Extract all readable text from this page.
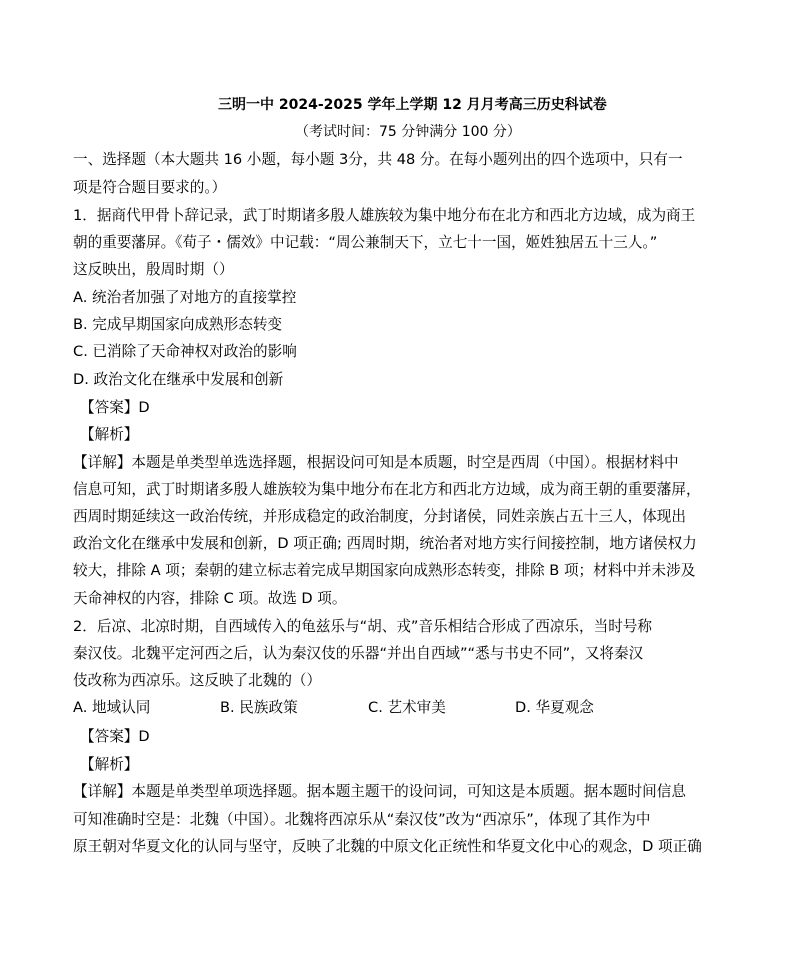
三明一中 2024-2025 学年上学期 12 月月考高三历史科试卷
（考试时间：75 分钟满分 100 分）
一、选择题（本大题共 16 小题，每小题 3分，共 48 分。在每小题列出的四个选项中，只有一
项是符合题目要求的。）
1．据商代甲骨卜辞记录，武丁时期诸多殷人雄族较为集中地分布在北方和西北方边域，成为商王
朝的重要藩屏。《荀子・儒效》中记载：“周公兼制天下，立七十一国，姬姓独居五十三人。”
这反映出，殷周时期（）
A. 统治者加强了对地方的直接掌控
B. 完成早期国家向成熟形态转变
C. 已消除了天命神权对政治的影响
D. 政治文化在继承中发展和创新
【答案】D
【解析】
【详解】本题是单类型单选选择题，根据设问可知是本质题，时空是西周（中国）。根据材料中
信息可知，武丁时期诸多殷人雄族较为集中地分布在北方和西北方边域，成为商王朝的重要藩屏，
西周时期延续这一政治传统，并形成稳定的政治制度，分封诸侯，同姓亲族占五十三人，体现出
政治文化在继承中发展和创新，D 项正确; 西周时期，统治者对地方实行间接控制，地方诸侯权力
较大，排除 A 项；秦朝的建立标志着完成早期国家向成熟形态转变，排除 B 项；材料中并未涉及
天命神权的内容，排除 C 项。故选 D 项。
2．后凉、北凉时期，自西域传入的龟兹乐与“胡、戎”音乐相结合形成了西凉乐，当时号称
秦汉伎。北魏平定河西之后，认为秦汉伎的乐器“并出自西域”“悉与书史不同”，又将秦汉
伎改称为西凉乐。这反映了北魏的（）
A. 地域认同	B. 民族政策	C. 艺术审美	D. 华夏观念
【答案】D
【解析】
【详解】本题是单类型单项选择题。据本题主题干的设问词，可知这是本质题。据本题时间信息
可知准确时空是：北魏（中国）。北魏将西凉乐从“秦汉伎”改为“西凉乐”，体现了其作为中
原王朝对华夏文化的认同与坚守，反映了北魏的中原文化正统性和华夏文化中心的观念，D 项正确
